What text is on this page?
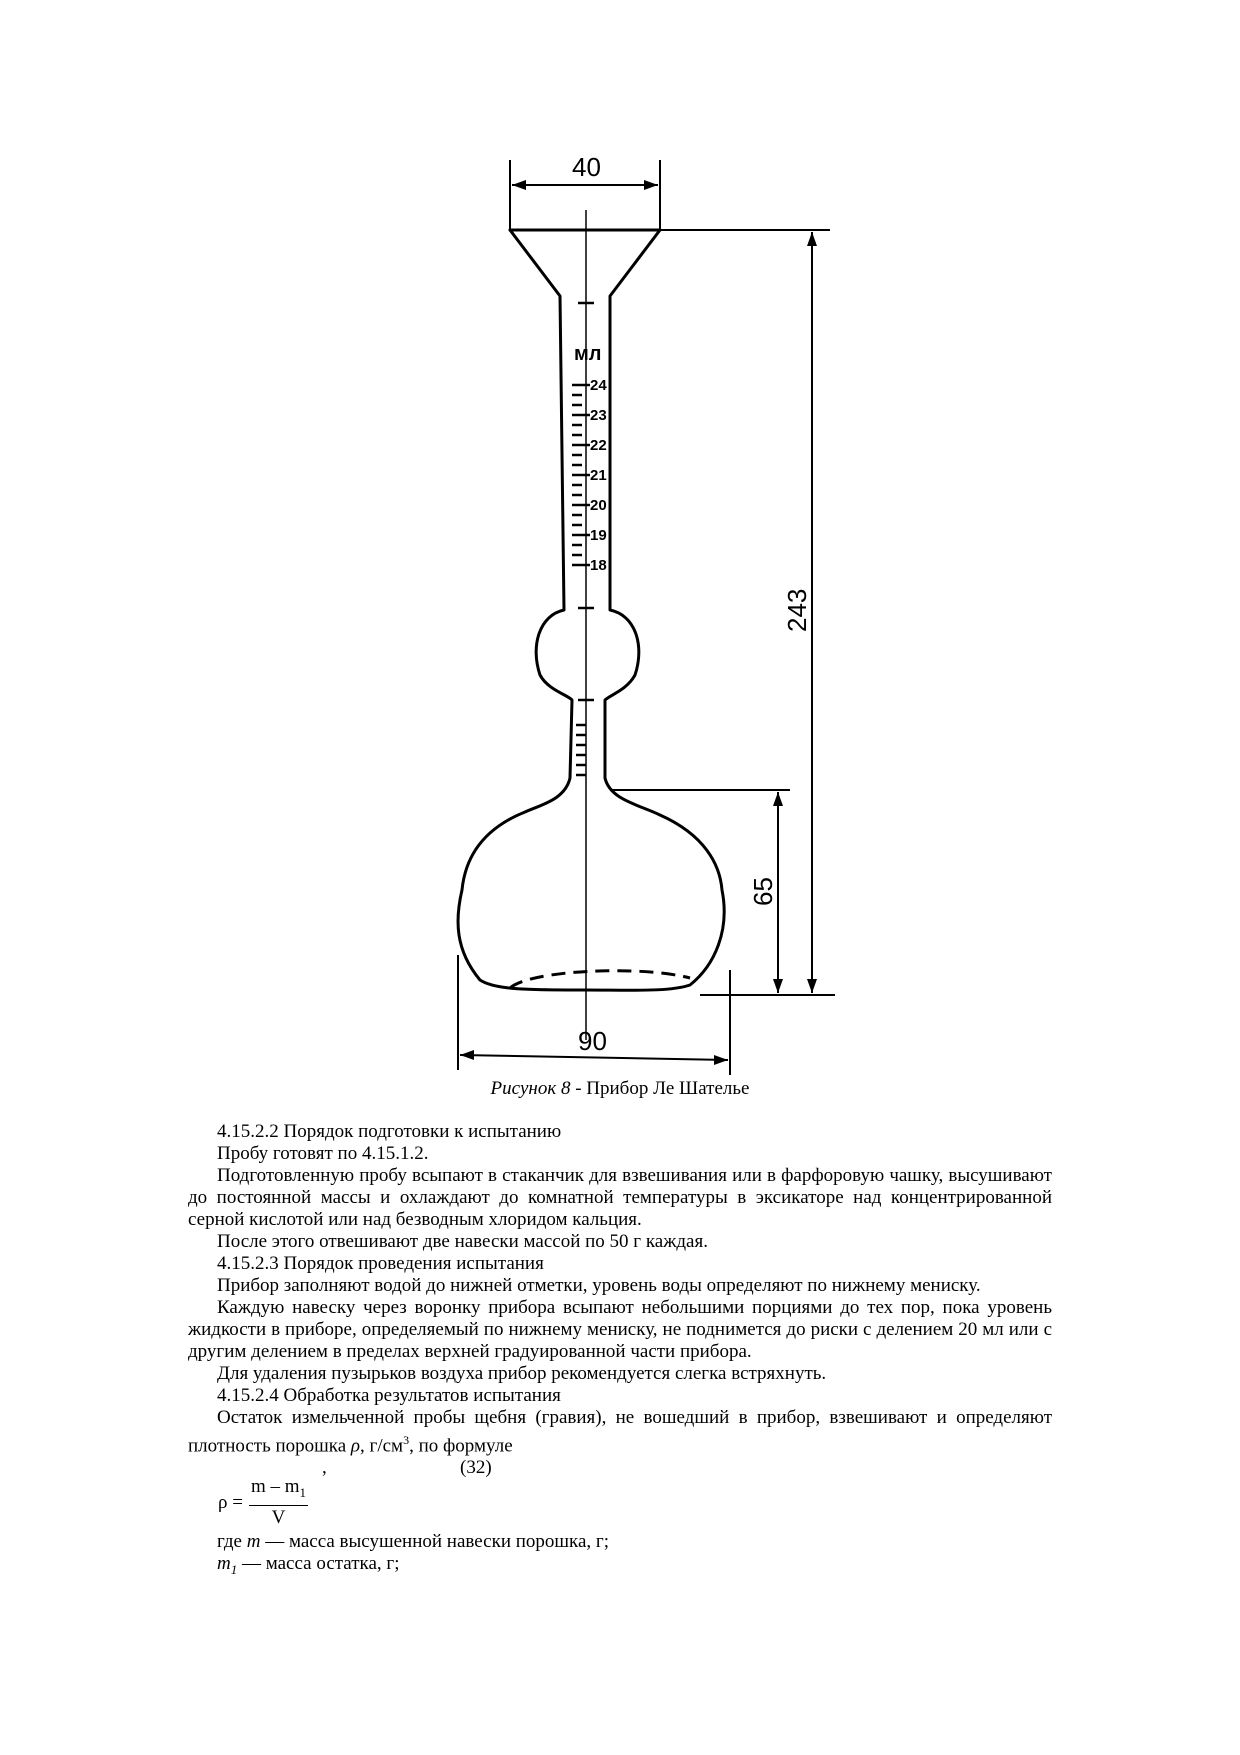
мл
24
23
22
21
20
19
18
40
243
65
90
Рисунок 8 - Прибор Ле Шателье

4.15.2.2 Порядок подготовки к испытанию

Пробу готовят по 4.15.1.2.

Подготовленную пробу всыпают в стаканчик для взвешивания или в фарфоровую чашку, высушивают до постоянной массы и охлаждают до комнатной температуры в эксикаторе над концентрированной серной кислотой или над безводным хлоридом кальция.

После этого отвешивают две навески массой по 50 г каждая.

4.15.2.3 Порядок проведения испытания

Прибор заполняют водой до нижней отметки, уровень воды определяют по нижнему мениску.

Каждую навеску через воронку прибора всыпают небольшими порциями до тех пор, пока уровень жидкости в приборе, определяемый по нижнему мениску, не поднимется до риски с делением 20 мл или с другим делением в пределах верхней градуированной части прибора.

Для удаления пузырьков воздуха прибор рекомендуется слегка встряхнуть.

4.15.2.4 Обработка результатов испытания

Остаток измельченной пробы щебня (гравия), не вошедший в прибор, взвешивают и определяют плотность порошка ρ, $г/см^3$, по формуле

,	(32)
$\rho = \frac{m - m_1}{V}$

где m — масса высушенной навески порошка, г;

$m_1$ — масса остатка, г;
